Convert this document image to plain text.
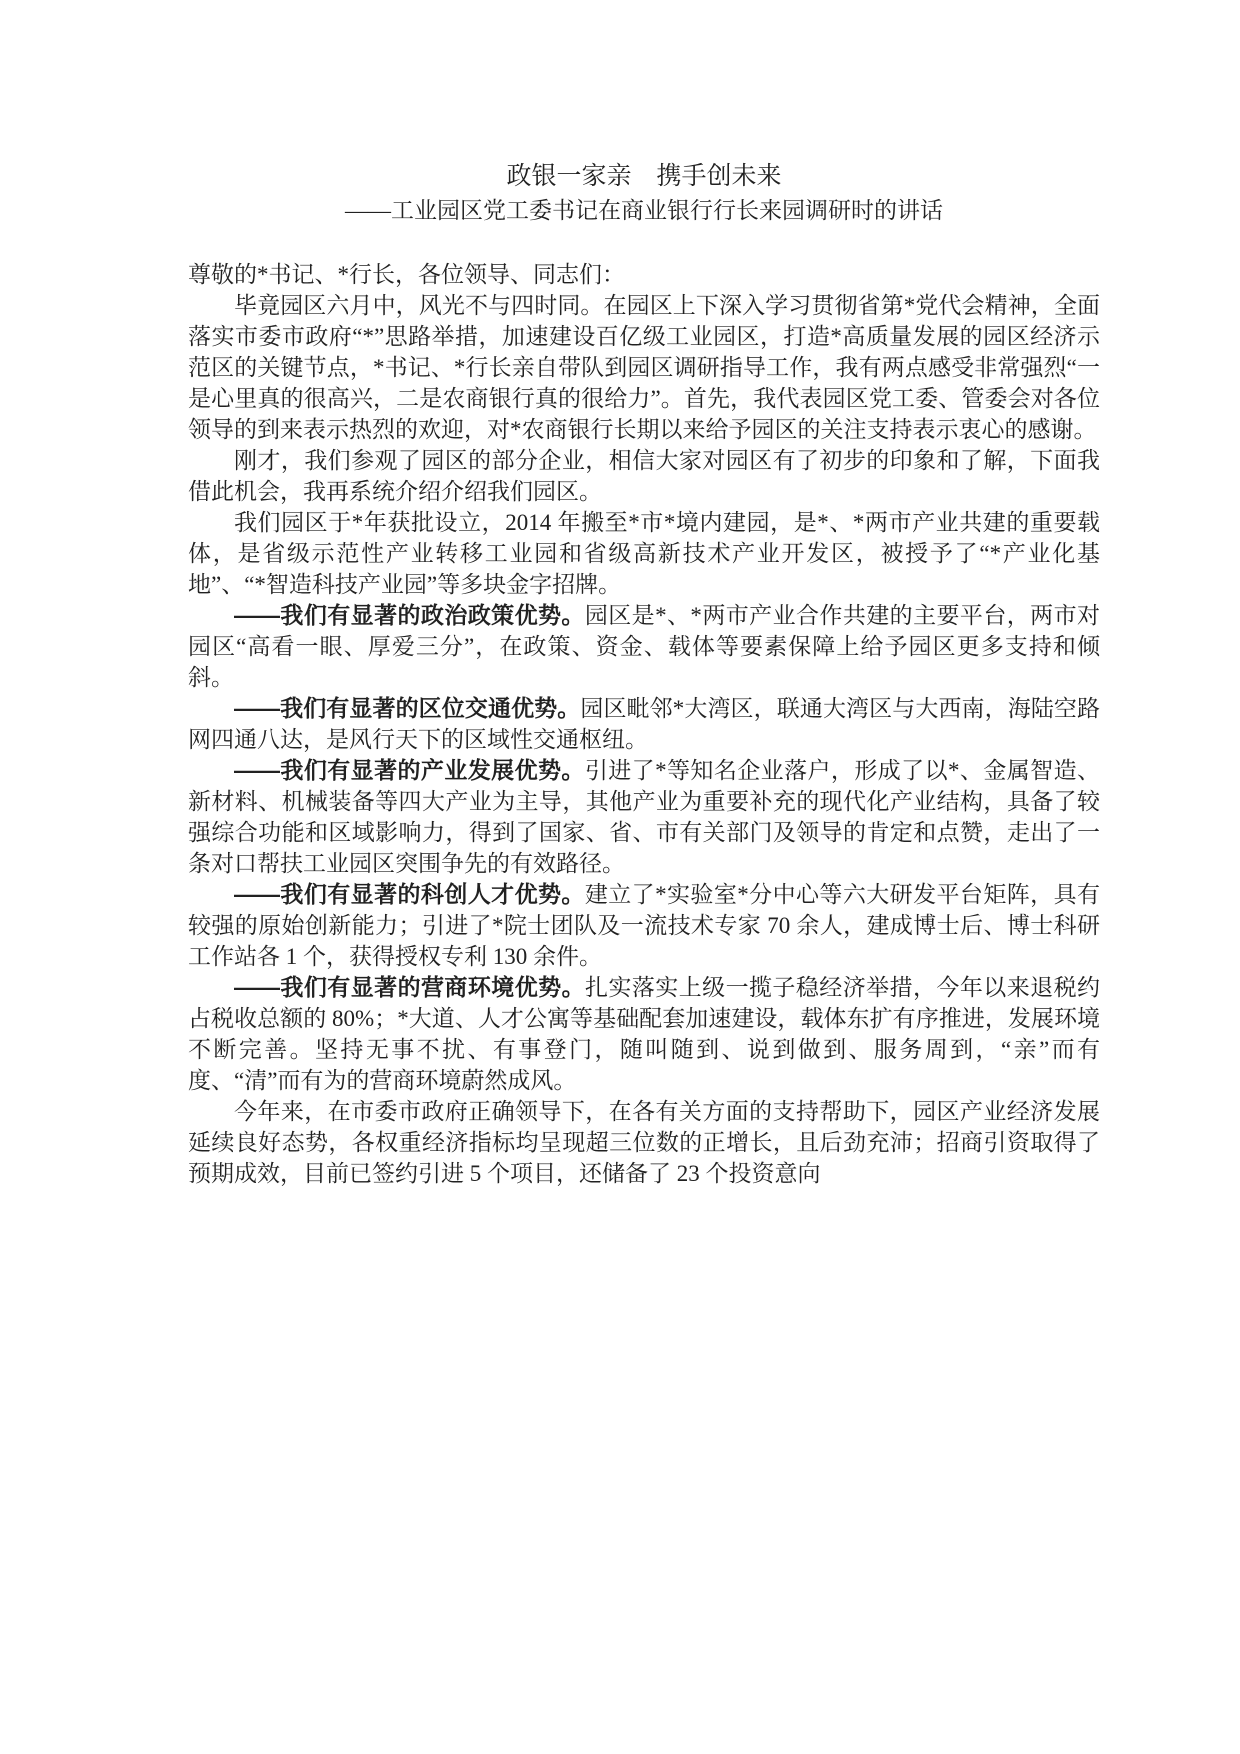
政银一家亲　携手创未来
——工业园区党工委书记在商业银行行长来园调研时的讲话

尊敬的*书记、*行长，各位领导、同志们：

毕竟园区六月中，风光不与四时同。在园区上下深入学习贯彻省第*党代会精神，全面落实市委市政府“*”思路举措，加速建设百亿级工业园区，打造*高质量发展的园区经济示范区的关键节点，*书记、*行长亲自带队到园区调研指导工作，我有两点感受非常强烈“一是心里真的很高兴，二是农商银行真的很给力”。首先，我代表园区党工委、管委会对各位领导的到来表示热烈的欢迎，对*农商银行长期以来给予园区的关注支持表示衷心的感谢。

刚才，我们参观了园区的部分企业，相信大家对园区有了初步的印象和了解，下面我借此机会，我再系统介绍介绍我们园区。

我们园区于*年获批设立，2014 年搬至*市*境内建园，是*、*两市产业共建的重要载体，是省级示范性产业转移工业园和省级高新技术产业开发区，被授予了“*产业化基地”、“*智造科技产业园”等多块金字招牌。

——我们有显著的政治政策优势。园区是*、*两市产业合作共建的主要平台，两市对园区“高看一眼、厚爱三分”，在政策、资金、载体等要素保障上给予园区更多支持和倾斜。

——我们有显著的区位交通优势。园区毗邻*大湾区，联通大湾区与大西南，海陆空路网四通八达，是风行天下的区域性交通枢纽。

——我们有显著的产业发展优势。引进了*等知名企业落户，形成了以*、金属智造、新材料、机械装备等四大产业为主导，其他产业为重要补充的现代化产业结构，具备了较强综合功能和区域影响力，得到了国家、省、市有关部门及领导的肯定和点赞，走出了一条对口帮扶工业园区突围争先的有效路径。

——我们有显著的科创人才优势。建立了*实验室*分中心等六大研发平台矩阵，具有较强的原始创新能力；引进了*院士团队及一流技术专家 70 余人，建成博士后、博士科研工作站各 1 个，获得授权专利 130 余件。

——我们有显著的营商环境优势。扎实落实上级一揽子稳经济举措，今年以来退税约占税收总额的 80%；*大道、人才公寓等基础配套加速建设，载体东扩有序推进，发展环境不断完善。坚持无事不扰、有事登门，随叫随到、说到做到、服务周到，“亲”而有度、“清”而有为的营商环境蔚然成风。

今年来，在市委市政府正确领导下，在各有关方面的支持帮助下，园区产业经济发展延续良好态势，各权重经济指标均呈现超三位数的正增长，且后劲充沛；招商引资取得了预期成效，目前已签约引进 5 个项目，还储备了 23 个投资意向
